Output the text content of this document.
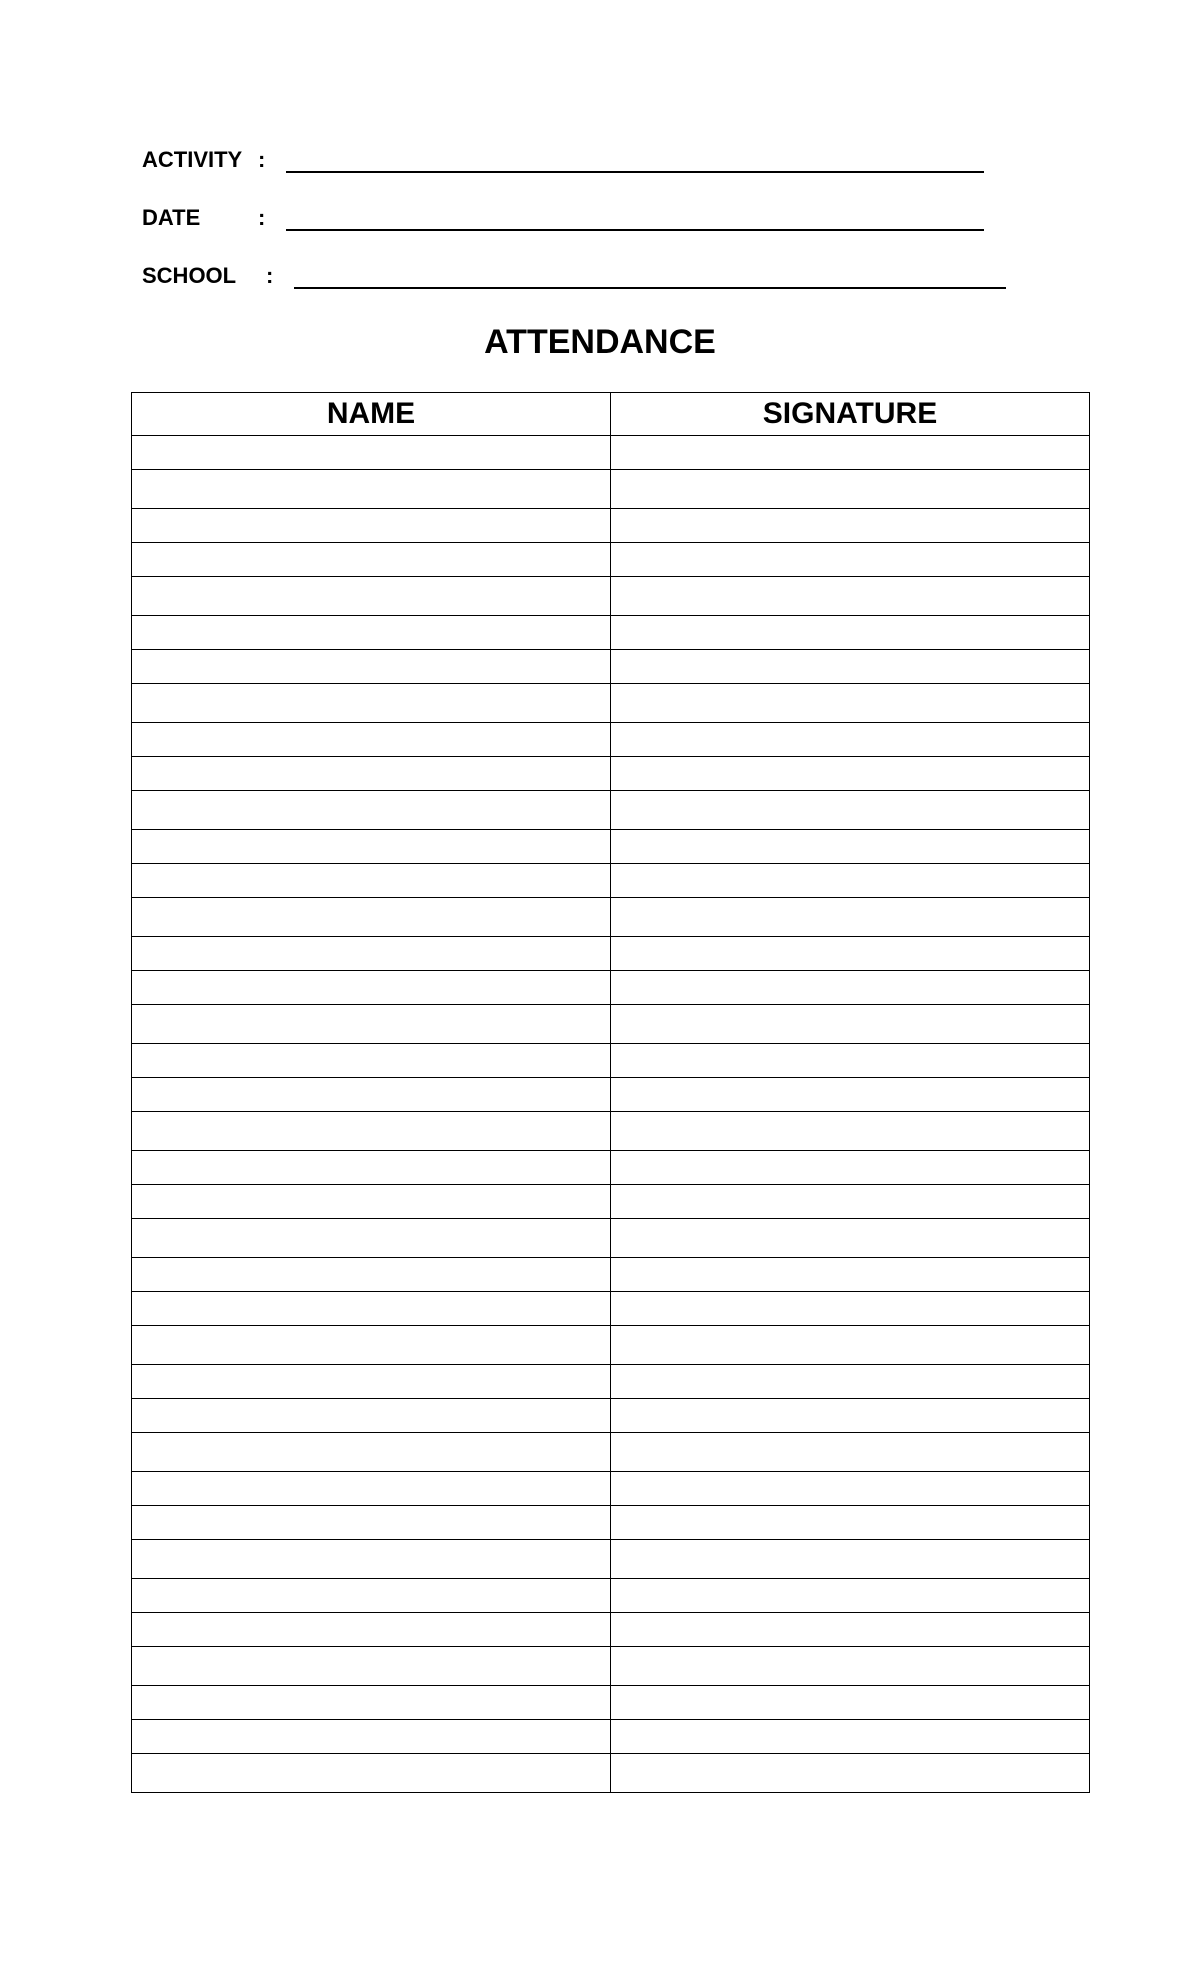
ACTIVITY :
DATE	:
SCHOOL :
ATTENDANCE
NAME	SIGNATURE
